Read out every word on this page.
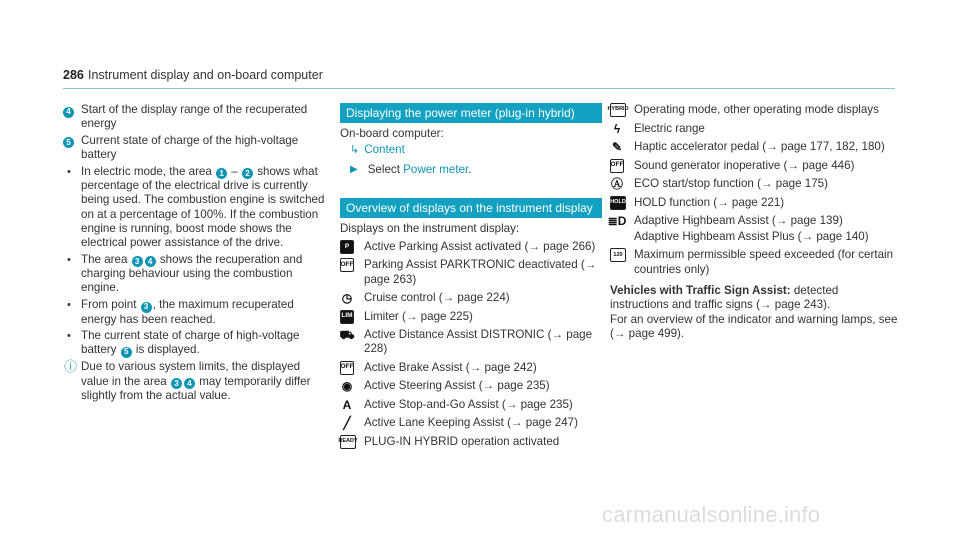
286 Instrument display and on-board computer
4 Start of the display range of the recuperated energy
5 Current state of charge of the high-voltage battery
• In electric mode, the area 1 – 2 shows what percentage of the electrical drive is currently being used. The combustion engine is switched on at a percentage of 100%. If the combustion engine is running, boost mode shows the electrical power assistance of the drive.
• The area 3 4 shows the recuperation and charging behaviour using the combustion engine.
• From point 3 , the maximum recuperated energy has been reached.
• The current state of charge of high-voltage battery 5 is displayed.
ⓘ Due to various system limits, the displayed value in the area 3 4 may temporarily differ slightly from the actual value.
Displaying the power meter (plug-in hybrid)
On-board computer:
↳ Content
▶ Select Power meter.
Overview of displays on the instrument display
Displays on the instrument display:
P	Active Parking Assist activated (→ page 266)
OFF Parking Assist PARKTRONIC deactivated (→ page 263)
◷ Cruise control (→ page 224)
LIM Limiter (→ page 225)
⛟ Active Distance Assist DISTRONIC (→ page 228)
OFF Active Brake Assist (→ page 242)
◉ Active Steering Assist (→ page 235)
A Active Stop-and-Go Assist (→ page 235)
╱ Active Lane Keeping Assist (→ page 247)
READY PLUG-IN HYBRID operation activated
HYBRID Operating mode, other operating mode displays
ϟ	Electric range
✎ Haptic accelerator pedal (→ page 177, 182, 180)
OFF Sound generator inoperative (→ page 446)
Ⓐ ECO start/stop function (→ page 175)
HOLD HOLD function (→ page 221)
≣D Adaptive Highbeam Assist (→ page 139)
Adaptive Highbeam Assist Plus (→ page 140)
120 Maximum permissible speed exceeded (for certain countries only)
Vehicles with Traffic Sign Assist: detected instructions and traffic signs (→ page 243).
For an overview of the indicator and warning lamps, see (→ page 499).
carmanualsonline.info
